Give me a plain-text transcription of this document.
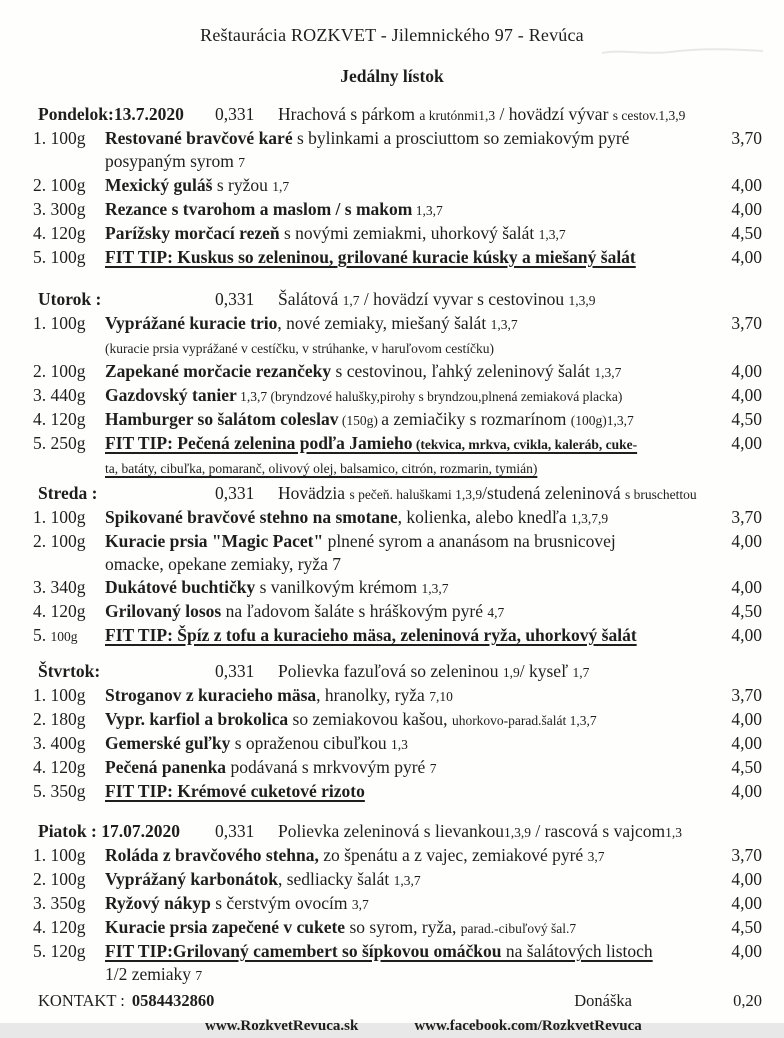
Reštaurácia ROZKVET - Jilemnického 97 - Revúca
Jedálny lístok
Pondelok:13.7.2020	0,331	Hrachová s párkom a krutónmi1,3 / hovädzí vývar s cestov.1,3,9
1. 100g	Restované bravčové karé s bylinkami a prosciuttom so zemiakovým pyré
posypaným syrom 7
3,70
2. 100g	Mexický guláš s ryžou 1,7	4,00
3. 300g	Rezance s tvarohom a maslom / s makom 1,3,7	4,00
4. 120g	Parížsky morčací rezeň s novými zemiakmi, uhorkový šalát 1,3,7	4,50
5. 100g	FIT TIP: Kuskus so zeleninou, grilované kuracie kúsky a miešaný šalát	4,00
Utorok :	0,331	Šalátová 1,7 / hovädzí vyvar s cestovinou 1,3,9
1. 100g	Vyprážané kuracie trio, nové zemiaky, miešaný šalát 1,3,7
(kuracie prsia vyprážané v cestíčku, v strúhanke, v haruľovom cestíčku)
3,70
2. 100g	Zapekané morčacie rezančeky s cestovinou, ľahký zeleninový šalát 1,3,7	4,00
3. 440g	Gazdovský tanier 1,3,7 (bryndzové halušky,pirohy s bryndzou,plnená zemiaková placka)	4,00
4. 120g	Hamburger so šalátom coleslav (150g) a zemiačiky s rozmarínom (100g)1,3,7	4,50
5. 250g	FIT TIP: Pečená zelenina podľa Jamieho (tekvica, mrkva, cvikla, kaleráb, cuke-
ta, batáty, cibuľka, pomaranč, olivový olej, balsamico, citrón, rozmarin, tymián)
4,00
Streda :	0,331	Hovädzia s pečeň. haluškami 1,3,9/studená zeleninová s bruschettou
1. 100g	Spikované bravčové stehno na smotane, kolienka, alebo knedľa 1,3,7,9	3,70
2. 100g	Kuracie prsia "Magic Pacet" plnené syrom a ananásom na brusnicovej
omacke, opekane zemiaky, ryža 7
4,00
3. 340g	Dukátové buchtičky s vanilkovým krémom 1,3,7	4,00
4. 120g	Grilovaný losos na ľadovom šaláte s hráškovým pyré 4,7	4,50
5. 100g	FIT TIP: Špíz z tofu a kuracieho mäsa, zeleninová ryža, uhorkový šalát	4,00
Štvrtok:	0,331	Polievka fazuľová so zeleninou 1,9/ kyseľ 1,7
1. 100g	Stroganov z kuracieho mäsa, hranolky, ryža 7,10	3,70
2. 180g	Vypr. karfiol a brokolica so zemiakovou kašou, uhorkovo-parad.šalát 1,3,7	4,00
3. 400g	Gemerské guľky s opraženou cibuľkou 1,3	4,00
4. 120g	Pečená panenka podávaná s mrkvovým pyré 7	4,50
5. 350g	FIT TIP: Krémové cuketové rizoto	4,00
Piatok : 17.07.2020	0,331	Polievka zeleninová s lievankou1,3,9 / rascová s vajcom1,3
1. 100g	Roláda z bravčového stehna, zo špenátu a z vajec, zemiakové pyré 3,7	3,70
2. 100g	Vyprážaný karbonátok, sedliacky šalát 1,3,7	4,00
3. 350g	Ryžový nákyp s čerstvým ovocím 3,7	4,00
4. 120g	Kuracie prsia zapečené v cukete so syrom, ryža, parad.-cibuľový šal.7	4,50
5. 120g	FIT TIP:Grilovaný camembert so šípkovou omáčkou na šalátových listoch
1/2 zemiaky 7
4,00
KONTAKT : 0584432860	Donáška	0,20
www.RozkvetRevuca.sk	www.facebook.com/RozkvetRevuca
